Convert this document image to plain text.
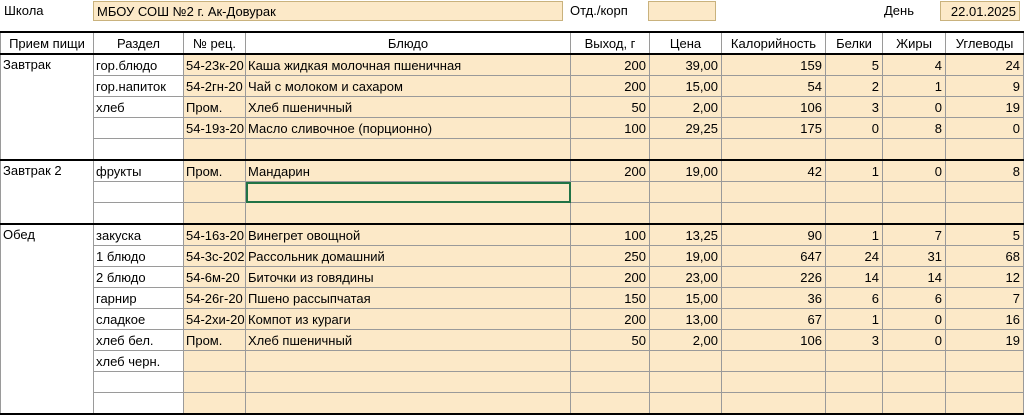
Школа	МБОУ СОШ №2 г. Ак-Довурак	Отд./корп	День	22.01.2025
Прием пищи	Раздел	№ рец.	Блюдо	Выход, г	Цена	Калорийность	Белки	Жиры	Углеводы
Завтрак	гор.блюдо	54-23к-20	Каша жидкая молочная пшеничная	200	39,00	159	5	4	24
	гор.напиток	54-2гн-20	Чай с молоком и сахаром	200	15,00	54	2	1	9
	хлеб	Пром.	Хлеб пшеничный	50	2,00	106	3	0	19
		54-19з-20	Масло сливочное (порционно)	100	29,25	175	0	8	0

Завтрак 2	фрукты	Пром.	Мандарин	200	19,00	42	1	0	8

Обед	закуска	54-16з-20	Винегрет овощной	100	13,25	90	1	7	5
	1 блюдо	54-3с-202	Рассольник домашний	250	19,00	647	24	31	68
	2 блюдо	54-6м-20	Биточки из говядины	200	23,00	226	14	14	12
	гарнир	54-26г-20	Пшено рассыпчатая	150	15,00	36	6	6	7
	сладкое	54-2хи-20	Компот из кураги	200	13,00	67	1	0	16
	хлеб бел.	Пром.	Хлеб пшеничный	50	2,00	106	3	0	19
	хлеб черн.								
